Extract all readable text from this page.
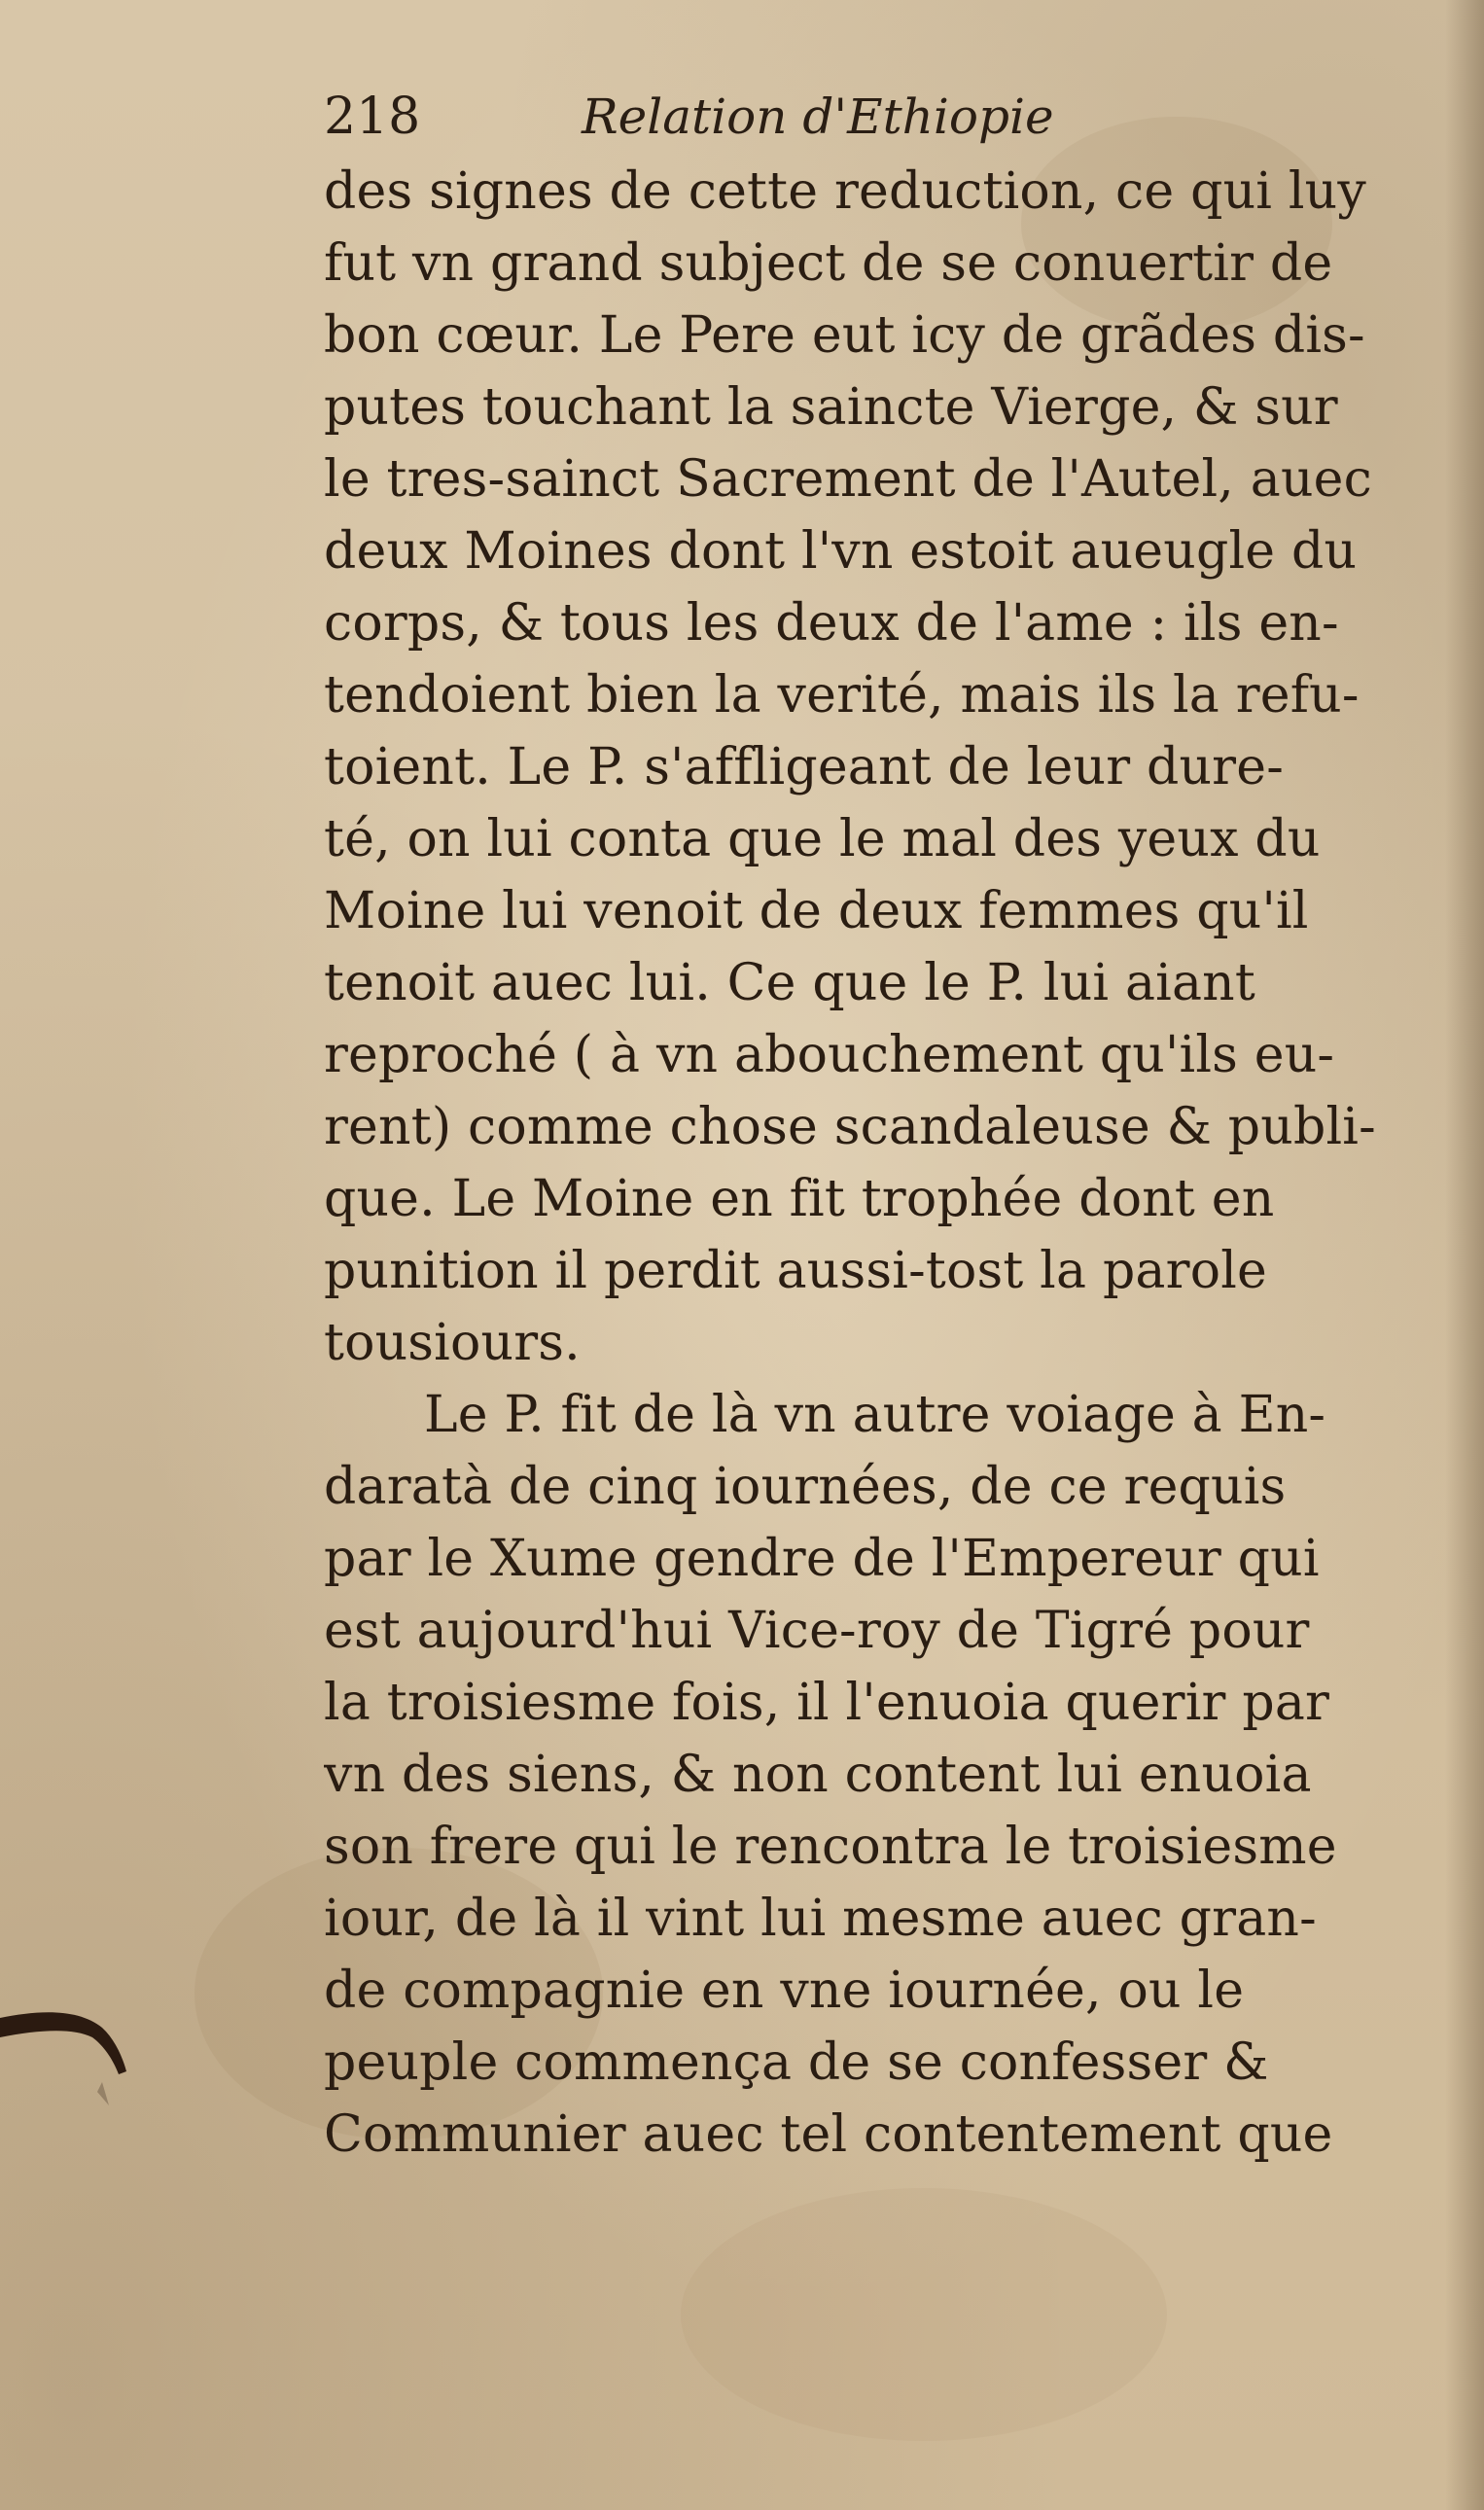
218	Relation d'Ethiopie
des signes de cette reduction, ce qui luy
fut vn grand subject de se conuertir de
bon cœur. Le Pere eut icy de grãdes dis-
putes touchant la saincte Vierge, & sur
le tres-sainct Sacrement de l'Autel, auec
deux Moines dont l'vn estoit aueugle du
corps, & tous les deux de l'ame : ils en-
tendoient bien la verité, mais ils la refu-
toient. Le P. s'affligeant de leur dure-
té, on lui conta que le mal des yeux du
Moine lui venoit de deux femmes qu'il
tenoit auec lui. Ce que le P. lui aiant
reproché ( à vn abouchement qu'ils eu-
rent) comme chose scandaleuse & publi-
que. Le Moine en fit trophée dont en
punition il perdit aussi-tost la parole
tousiours.
Le P. fit de là vn autre voiage à En-
daratà de cinq iournées, de ce requis
par le Xume gendre de l'Empereur qui
est aujourd'hui Vice-roy de Tigré pour
la troisiesme fois, il l'enuoia querir par
vn des siens, & non content lui enuoia
son frere qui le rencontra le troisiesme
iour, de là il vint lui mesme auec gran-
de compagnie en vne iournée, ou le
peuple commença de se confesser &
Communier auec tel contentement que
